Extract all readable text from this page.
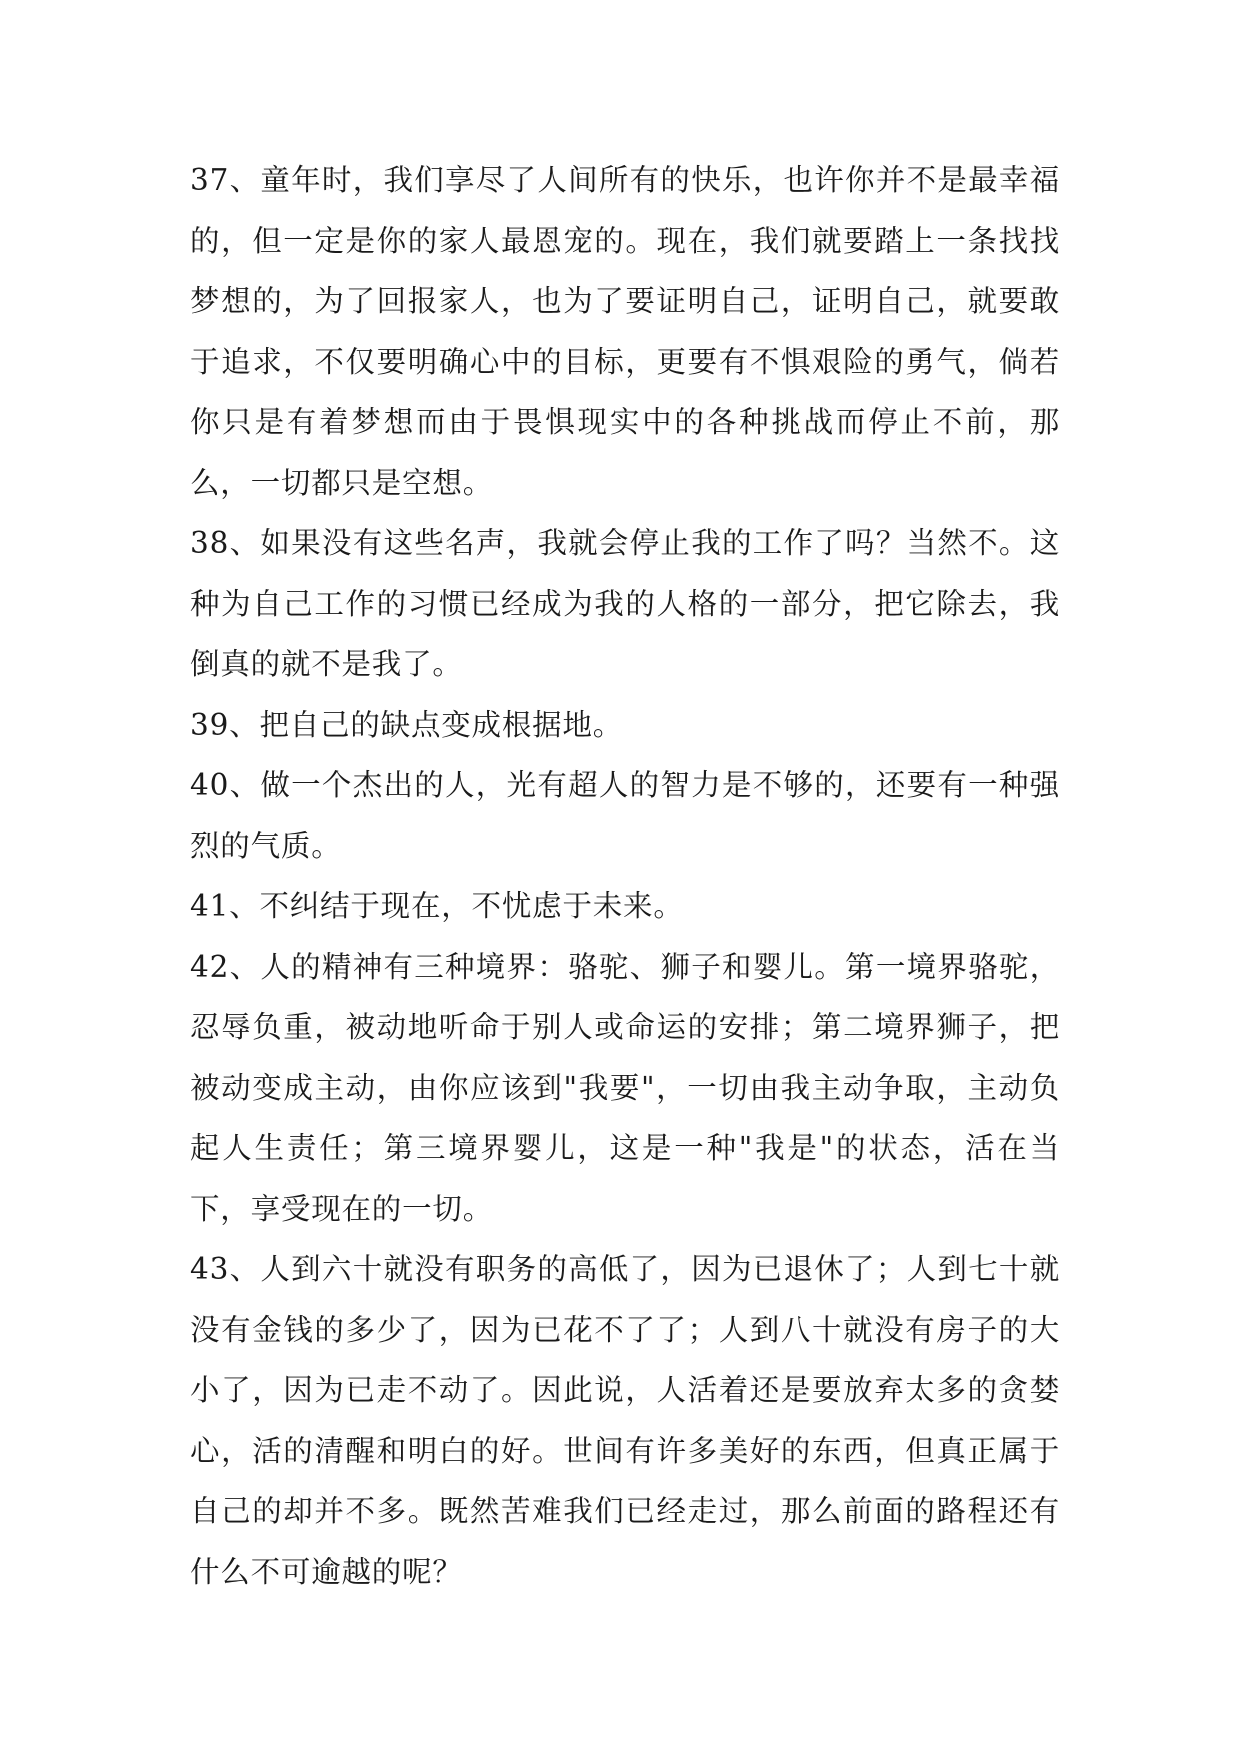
37、童年时，我们享尽了人间所有的快乐，也许你并不是最幸福的，但一定是你的家人最恩宠的。现在，我们就要踏上一条找找梦想的，为了回报家人，也为了要证明自己，证明自己，就要敢于追求，不仅要明确心中的目标，更要有不惧艰险的勇气，倘若你只是有着梦想而由于畏惧现实中的各种挑战而停止不前，那么，一切都只是空想。

38、如果没有这些名声，我就会停止我的工作了吗？当然不。这种为自己工作的习惯已经成为我的人格的一部分，把它除去，我倒真的就不是我了。

39、把自己的缺点变成根据地。

40、做一个杰出的人，光有超人的智力是不够的，还要有一种强烈的气质。

41、不纠结于现在，不忧虑于未来。

42、人的精神有三种境界：骆驼、狮子和婴儿。第一境界骆驼，忍辱负重，被动地听命于别人或命运的安排；第二境界狮子，把被动变成主动，由你应该到"我要"，一切由我主动争取，主动负起人生责任；第三境界婴儿，这是一种"我是"的状态，活在当下，享受现在的一切。

43、人到六十就没有职务的高低了，因为已退休了；人到七十就没有金钱的多少了，因为已花不了了；人到八十就没有房子的大小了，因为已走不动了。因此说，人活着还是要放弃太多的贪婪心，活的清醒和明白的好。世间有许多美好的东西，但真正属于自己的却并不多。既然苦难我们已经走过，那么前面的路程还有什么不可逾越的呢？
